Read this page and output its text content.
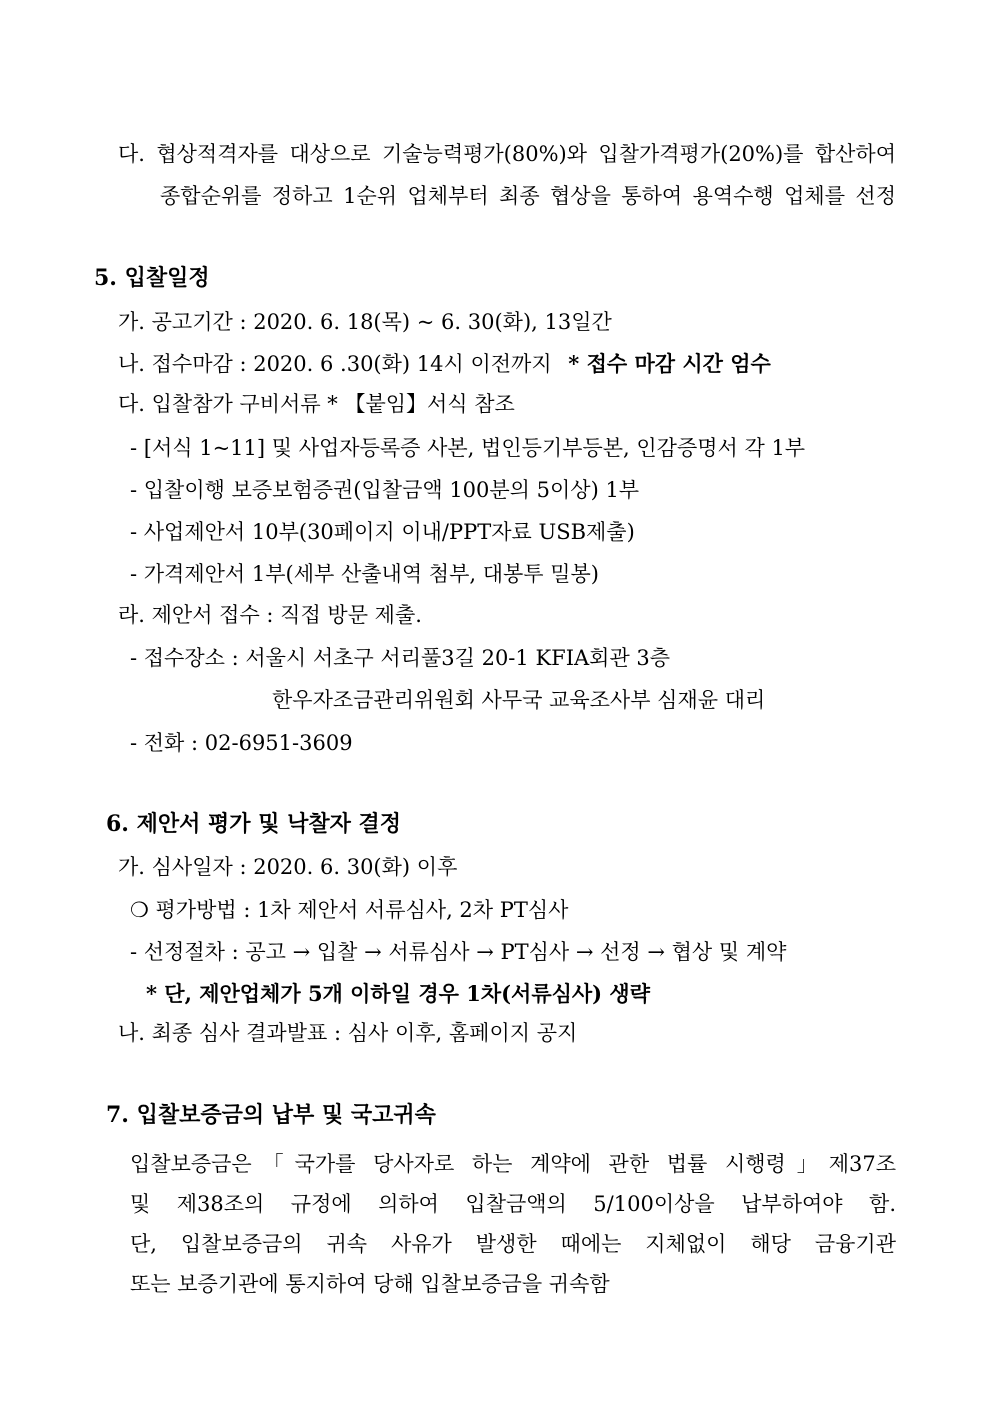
다. 협상적격자를 대상으로 기술능력평가(80%)와 입찰가격평가(20%)를 합산하여
종합순위를 정하고 1순위 업체부터 최종 협상을 통하여 용역수행 업체를 선정
5. 입찰일정
가. 공고기간 : 2020. 6. 18(목) ~ 6. 30(화), 13일간
나. 접수마감 : 2020. 6 .30(화) 14시 이전까지 * 접수 마감 시간 엄수
다. 입찰참가 구비서류 * 【붙임】서식 참조
- [서식 1~11] 및 사업자등록증 사본, 법인등기부등본, 인감증명서 각 1부
- 입찰이행 보증보험증권(입찰금액 100분의 5이상) 1부
- 사업제안서 10부(30페이지 이내/PPT자료 USB제출)
- 가격제안서 1부(세부 산출내역 첨부, 대봉투 밀봉)
라. 제안서 접수 : 직접 방문 제출.
- 접수장소 : 서울시 서초구 서리풀3길 20-1 KFIA회관 3층
한우자조금관리위원회 사무국 교육조사부 심재윤 대리
- 전화 : 02-6951-3609
6. 제안서 평가 및 낙찰자 결정
가. 심사일자 : 2020. 6. 30(화) 이후
❍ 평가방법 : 1차 제안서 서류심사, 2차 PT심사
- 선정절차 : 공고 → 입찰 → 서류심사 → PT심사 → 선정 → 협상 및 계약
* 단, 제안업체가 5개 이하일 경우 1차(서류심사) 생략
나. 최종 심사 결과발표 : 심사 이후, 홈페이지 공지
7. 입찰보증금의 납부 및 국고귀속
입찰보증금은「국가를 당사자로 하는 계약에 관한 법률 시행령」제37조
및 제38조의 규정에 의하여 입찰금액의 5/100이상을 납부하여야 함.
단, 입찰보증금의 귀속 사유가 발생한 때에는 지체없이 해당 금융기관
또는 보증기관에 통지하여 당해 입찰보증금을 귀속함
